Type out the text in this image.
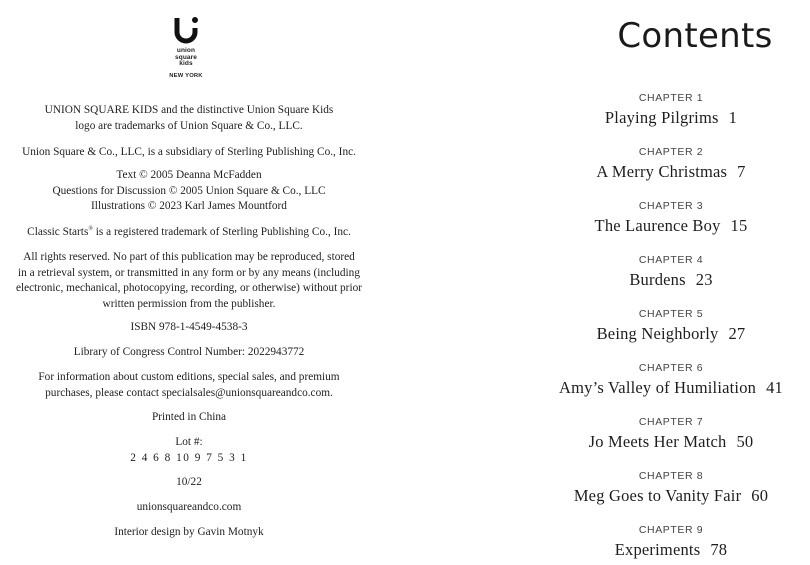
union
square
kids
NEW YORK

UNION SQUARE KIDS and the distinctive Union Square Kids
logo are trademarks of Union Square & Co., LLC.

Union Square & Co., LLC, is a subsidiary of Sterling Publishing Co., Inc.

Text © 2005 Deanna McFadden
Questions for Discussion © 2005 Union Square & Co., LLC
Illustrations © 2023 Karl James Mountford

Classic Starts® is a registered trademark of Sterling Publishing Co., Inc.

All rights reserved. No part of this publication may be reproduced, stored
in a retrieval system, or transmitted in any form or by any means (including
electronic, mechanical, photocopying, recording, or otherwise) without prior
written permission from the publisher.

ISBN 978-1-4549-4538-3

Library of Congress Control Number: 2022943772

For information about custom editions, special sales, and premium
purchases, please contact specialsales@unionsquareandco.com.

Printed in China

Lot #:
2 4 6 8 10 9 7 5 3 1

10/22

unionsquareandco.com

Interior design by Gavin Motnyk

Contents
CHAPTER 1
Playing Pilgrims 1
CHAPTER 2
A Merry Christmas 7
CHAPTER 3
The Laurence Boy 15
CHAPTER 4
Burdens 23
CHAPTER 5
Being Neighborly 27
CHAPTER 6
Amy’s Valley of Humiliation 41
CHAPTER 7
Jo Meets Her Match 50
CHAPTER 8
Meg Goes to Vanity Fair 60
CHAPTER 9
Experiments 78
